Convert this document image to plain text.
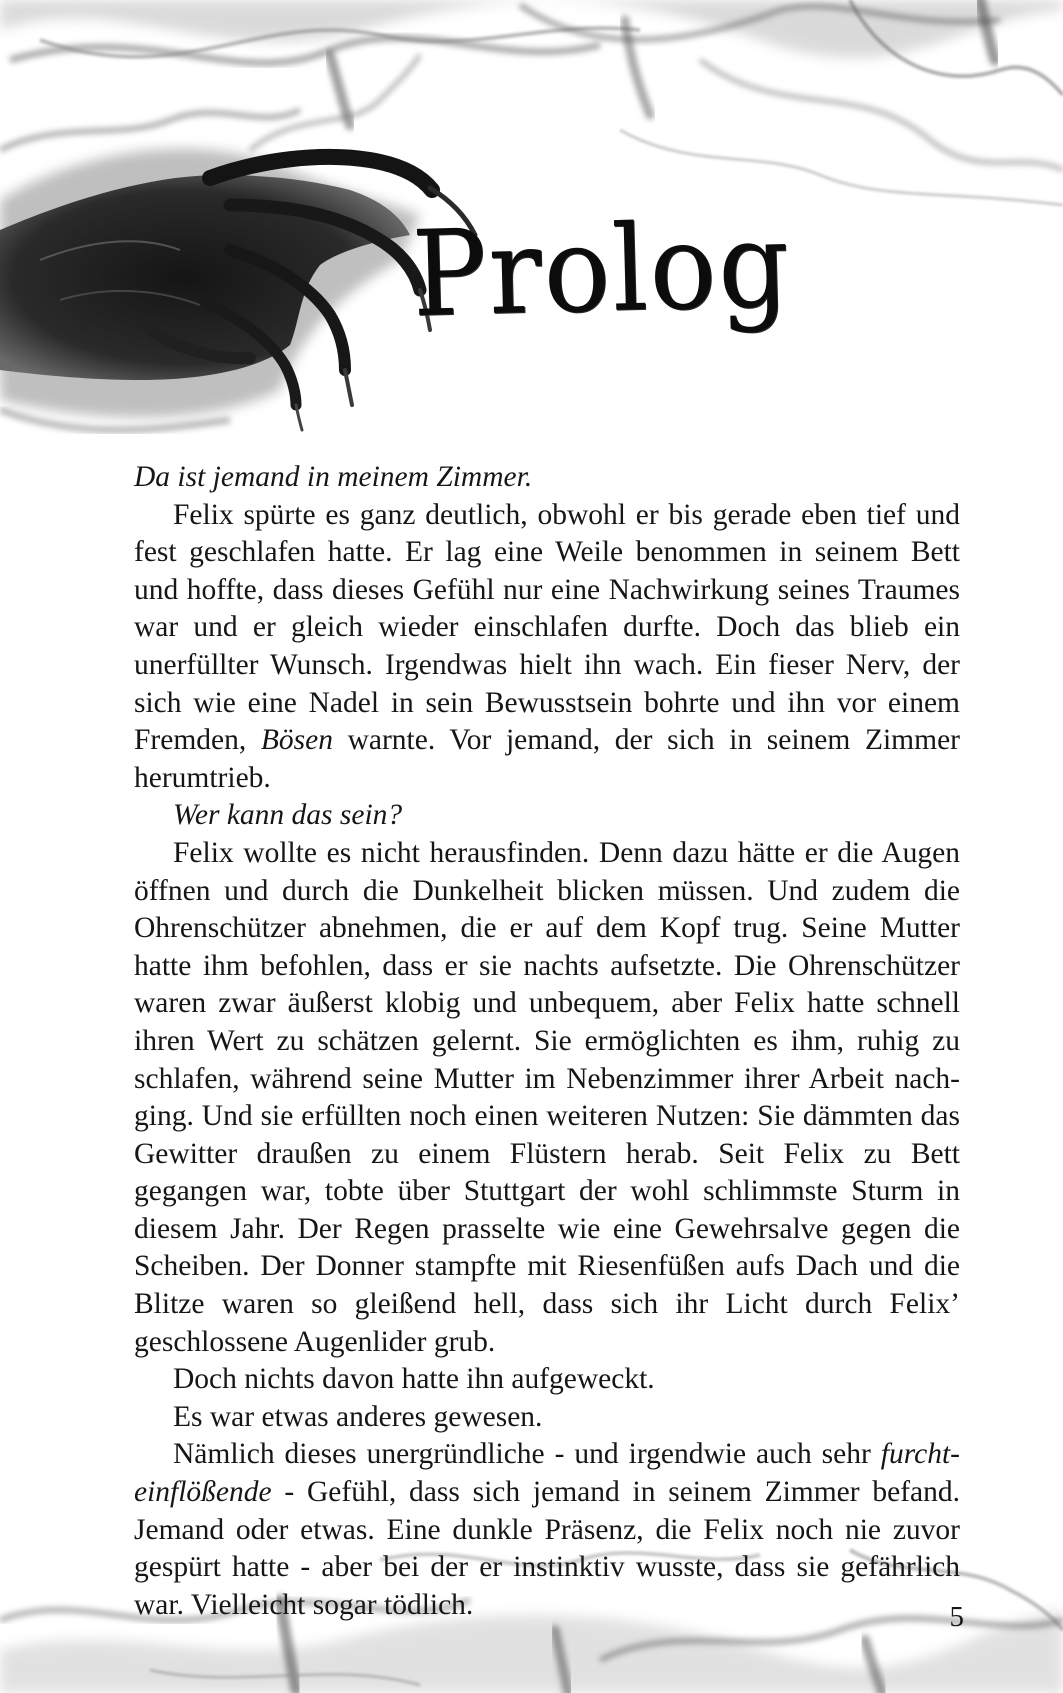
Prolog

Da ist jemand in meinem Zimmer.

Felix spürte es ganz deutlich, obwohl er bis gerade eben tief und fest geschlafen hatte. Er lag eine Weile benommen in seinem Bett und hoffte, dass dieses Gefühl nur eine Nachwirkung seines Traumes war und er gleich wieder einschlafen durfte. Doch das blieb ein unerfüllter Wunsch. Irgendwas hielt ihn wach. Ein fieser Nerv, der sich wie eine Nadel in sein Bewusstsein bohrte und ihn vor einem Fremden, Bösen warnte. Vor jemand, der sich in seinem Zimmer herumtrieb.

Wer kann das sein?

Felix wollte es nicht herausfinden. Denn dazu hätte er die Augen öffnen und durch die Dunkelheit blicken müssen. Und zudem die Ohrenschützer abnehmen, die er auf dem Kopf trug. Seine Mutter hatte ihm befohlen, dass er sie nachts aufsetzte. Die Ohrenschützer waren zwar äußerst klobig und unbequem, aber Felix hatte schnell ihren Wert zu schätzen gelernt. Sie ermöglichten es ihm, ruhig zu schlafen, während seine Mutter im Nebenzimmer ihrer Arbeit nachging. Und sie erfüllten noch einen weiteren Nutzen: Sie dämmten das Gewitter draußen zu einem Flüstern herab. Seit Felix zu Bett gegangen war, tobte über Stuttgart der wohl schlimmste Sturm in diesem Jahr. Der Regen prasselte wie eine Gewehrsalve gegen die Scheiben. Der Donner stampfte mit Riesenfüßen aufs Dach und die Blitze waren so gleißend hell, dass sich ihr Licht durch Felix’ geschlossene Augenlider grub.

Doch nichts davon hatte ihn aufgeweckt.

Es war etwas anderes gewesen.

Nämlich dieses unergründliche - und irgendwie auch sehr furchteinflößende - Gefühl, dass sich jemand in seinem Zimmer befand. Jemand oder etwas. Eine dunkle Präsenz, die Felix noch nie zuvor gespürt hatte - aber bei der er instinktiv wusste, dass sie gefährlich war. Vielleicht sogar tödlich.	5
